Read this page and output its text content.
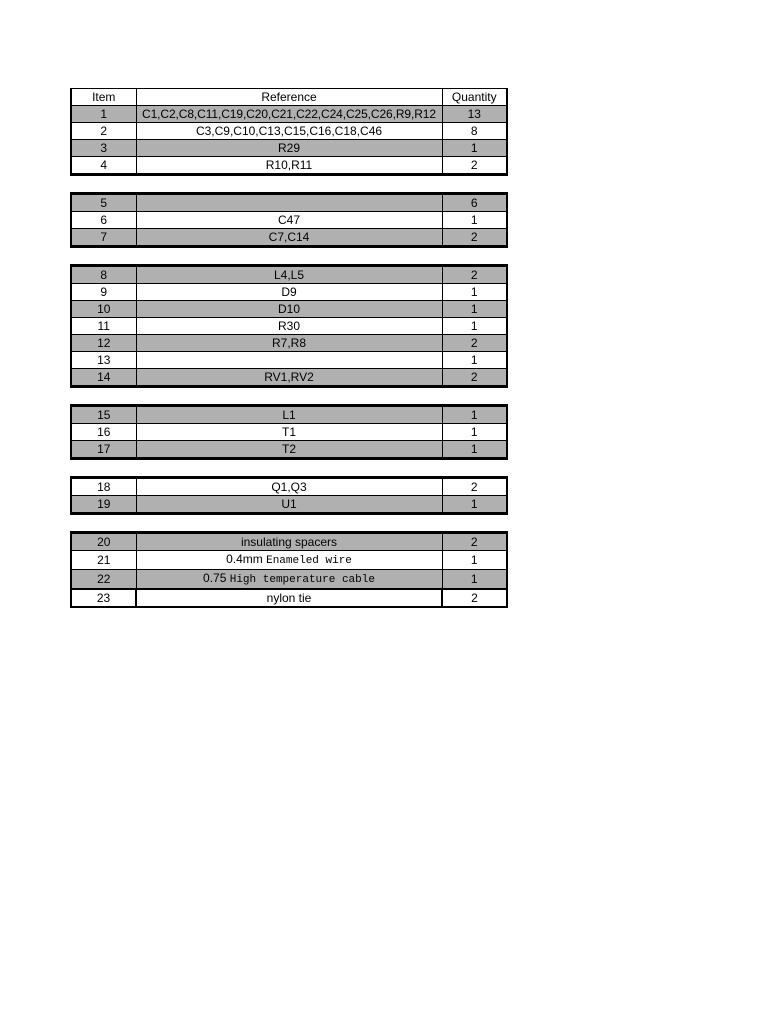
Item	Reference	Quantity
1	C1,C2,C8,C11,C19,C20,C21,C22,C24,C25,C26,R9,R12	13
2	C3,C9,C10,C13,C15,C16,C18,C46	8
3	R29	1
4	R10,R11	2

5		6
6	C47	1
7	C7,C14	2

8	L4,L5	2
9	D9	1
10	D10	1
11	R30	1
12	R7,R8	2
13		1
14	RV1,RV2	2

15	L1	1
16	T1	1
17	T2	1

18	Q1,Q3	2
19	U1	1

20	insulating spacers	2
21	0.4mm Enameled wire	1
22	0.75 High temperature cable	1
23	nylon tie	2
